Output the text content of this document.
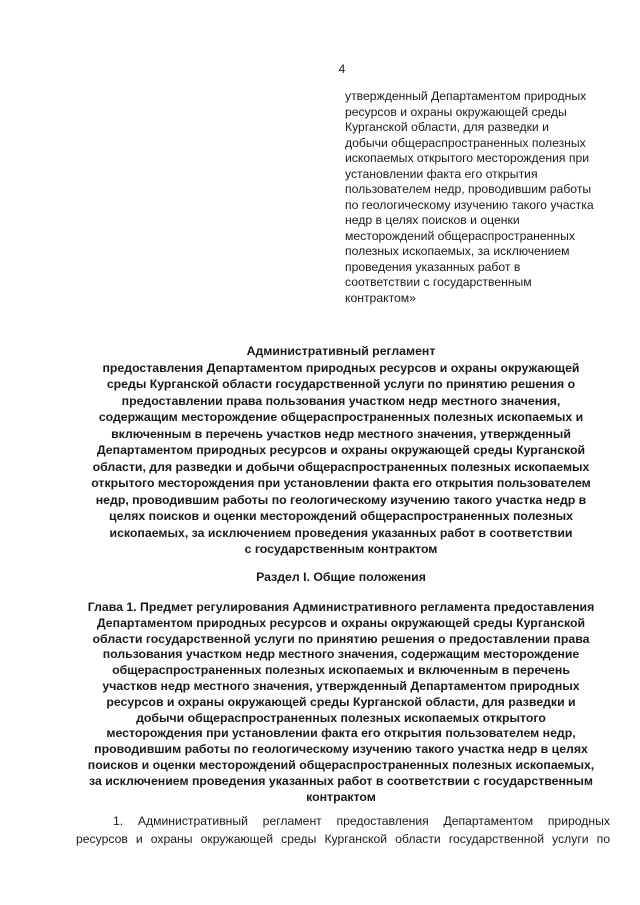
4
утвержденный Департаментом природных
ресурсов и охраны окружающей среды
Курганской области, для разведки и
добычи общераспространенных полезных
ископаемых открытого месторождения при
установлении факта его открытия
пользователем недр, проводившим работы
по геологическому изучению такого участка
недр в целях поисков и оценки
месторождений общераспространенных
полезных ископаемых, за исключением
проведения указанных работ в
соответствии с государственным
контрактом»
Административный регламент
предоставления Департаментом природных ресурсов и охраны окружающей
среды Курганской области государственной услуги по принятию решения о
предоставлении права пользования участком недр местного значения,
содержащим месторождение общераспространенных полезных ископаемых и
включенным в перечень участков недр местного значения, утвержденный
Департаментом природных ресурсов и охраны окружающей среды Курганской
области, для разведки и добычи общераспространенных полезных ископаемых
открытого месторождения при установлении факта его открытия пользователем
недр, проводившим работы по геологическому изучению такого участка недр в
целях поисков и оценки месторождений общераспространенных полезных
ископаемых, за исключением проведения указанных работ в соответствии
с государственным контрактом
Раздел I. Общие положения
Глава 1. Предмет регулирования Административного регламента предоставления
Департаментом природных ресурсов и охраны окружающей среды Курганской
области государственной услуги по принятию решения о предоставлении права
пользования участком недр местного значения, содержащим месторождение
общераспространенных полезных ископаемых и включенным в перечень
участков недр местного значения, утвержденный Департаментом природных
ресурсов и охраны окружающей среды Курганской области, для разведки и
добычи общераспространенных полезных ископаемых открытого
месторождения при установлении факта его открытия пользователем недр,
проводившим работы по геологическому изучению такого участка недр в целях
поисков и оценки месторождений общераспространенных полезных ископаемых,
за исключением проведения указанных работ в соответствии с государственным
контрактом
1. Административный регламент предоставления Департаментом природных
ресурсов и охраны окружающей среды Курганской области государственной услуги по
